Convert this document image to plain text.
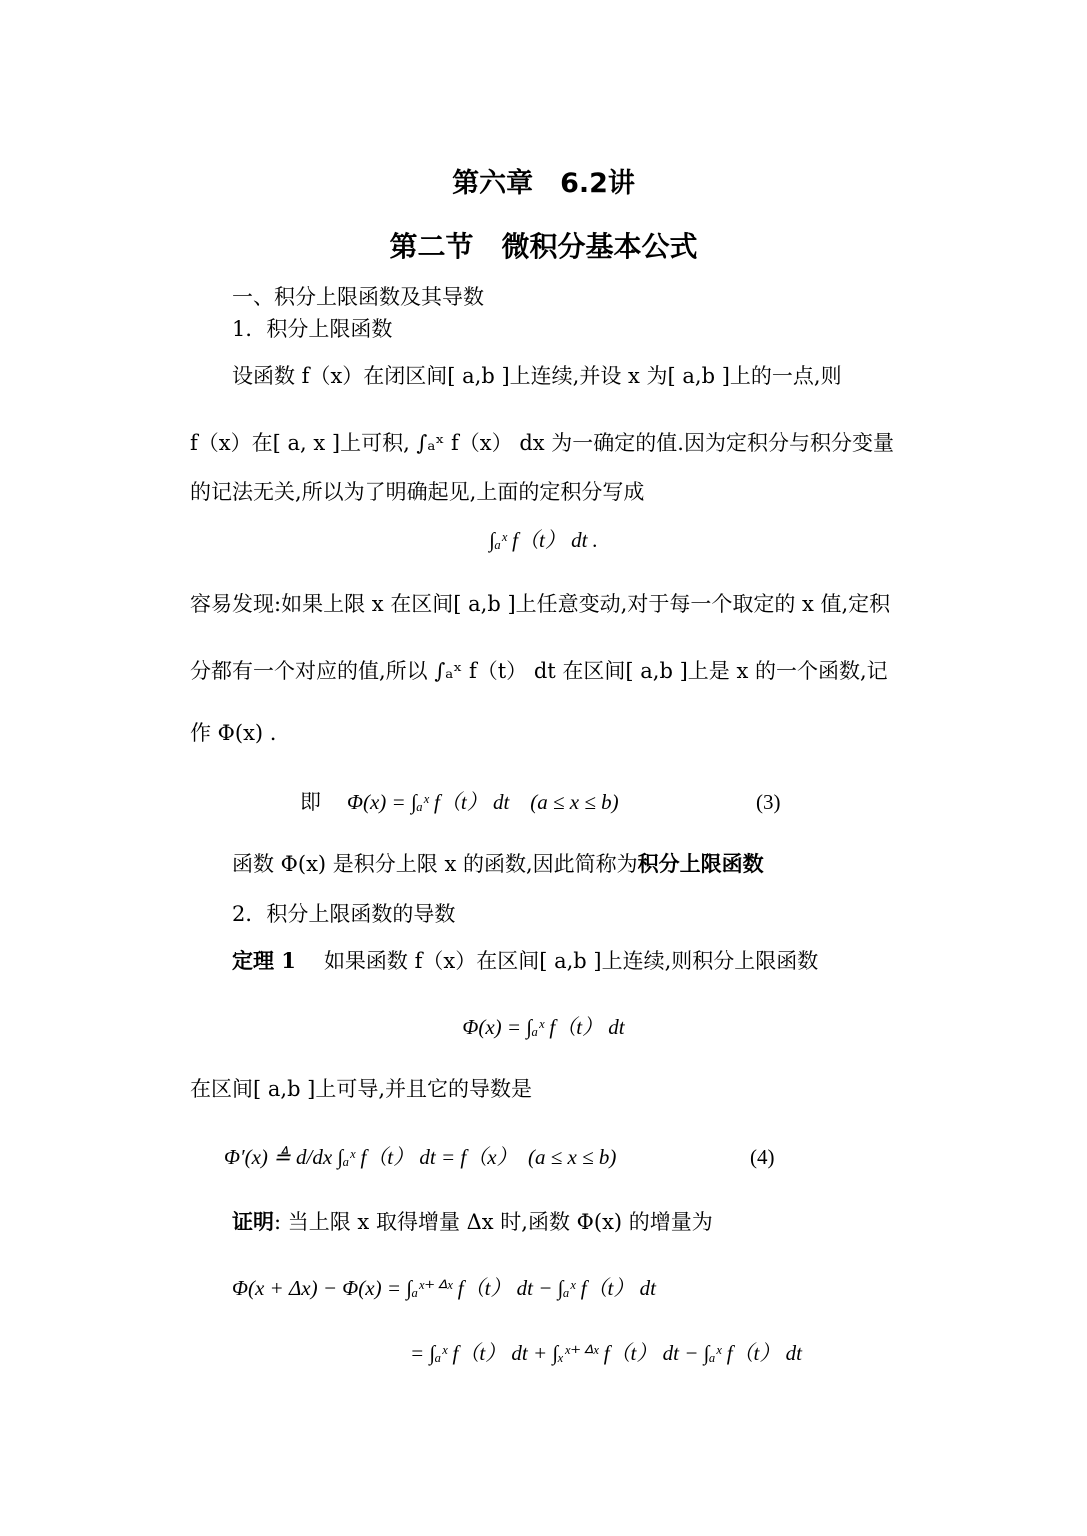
第六章　6.2讲
第二节　微积分基本公式
一、积分上限函数及其导数
1．积分上限函数
设函数 f（x）在闭区间[ a,b ]上连续,并设 x 为[ a,b ]上的一点,则
f（x）在[ a, x ]上可积, ∫ₐˣ f（x） dx 为一确定的值.因为定积分与积分变量
的记法无关,所以为了明确起见,上面的定积分写成
∫ₐˣ f（t） dt .
容易发现:如果上限 x 在区间[ a,b ]上任意变动,对于每一个取定的 x 值,定积
分都有一个对应的值,所以 ∫ₐˣ f（t） dt 在区间[ a,b ]上是 x 的一个函数,记
作 Φ(x) .
即 Φ(x) = ∫ₐˣ f（t） dt　(a ≤ x ≤ b)	(3)
函数 Φ(x) 是积分上限 x 的函数,因此简称为积分上限函数
2．积分上限函数的导数
定理 1 如果函数 f（x）在区间[ a,b ]上连续,则积分上限函数
Φ(x) = ∫ₐˣ f（t） dt
在区间[ a,b ]上可导,并且它的导数是
Φ′(x) ≜ d/dx ∫ₐˣ f（t） dt = f（x）　(a ≤ x ≤ b)	(4)
证明: 当上限 x 取得增量 Δx 时,函数 Φ(x) 的增量为
Φ(x + Δx) − Φ(x) = ∫ₐˣ⁺ᐞˣ f（t） dt − ∫ₐˣ f（t） dt
= ∫ₐˣ f（t） dt + ∫ₓˣ⁺ᐞˣ f（t） dt − ∫ₐˣ f（t） dt
